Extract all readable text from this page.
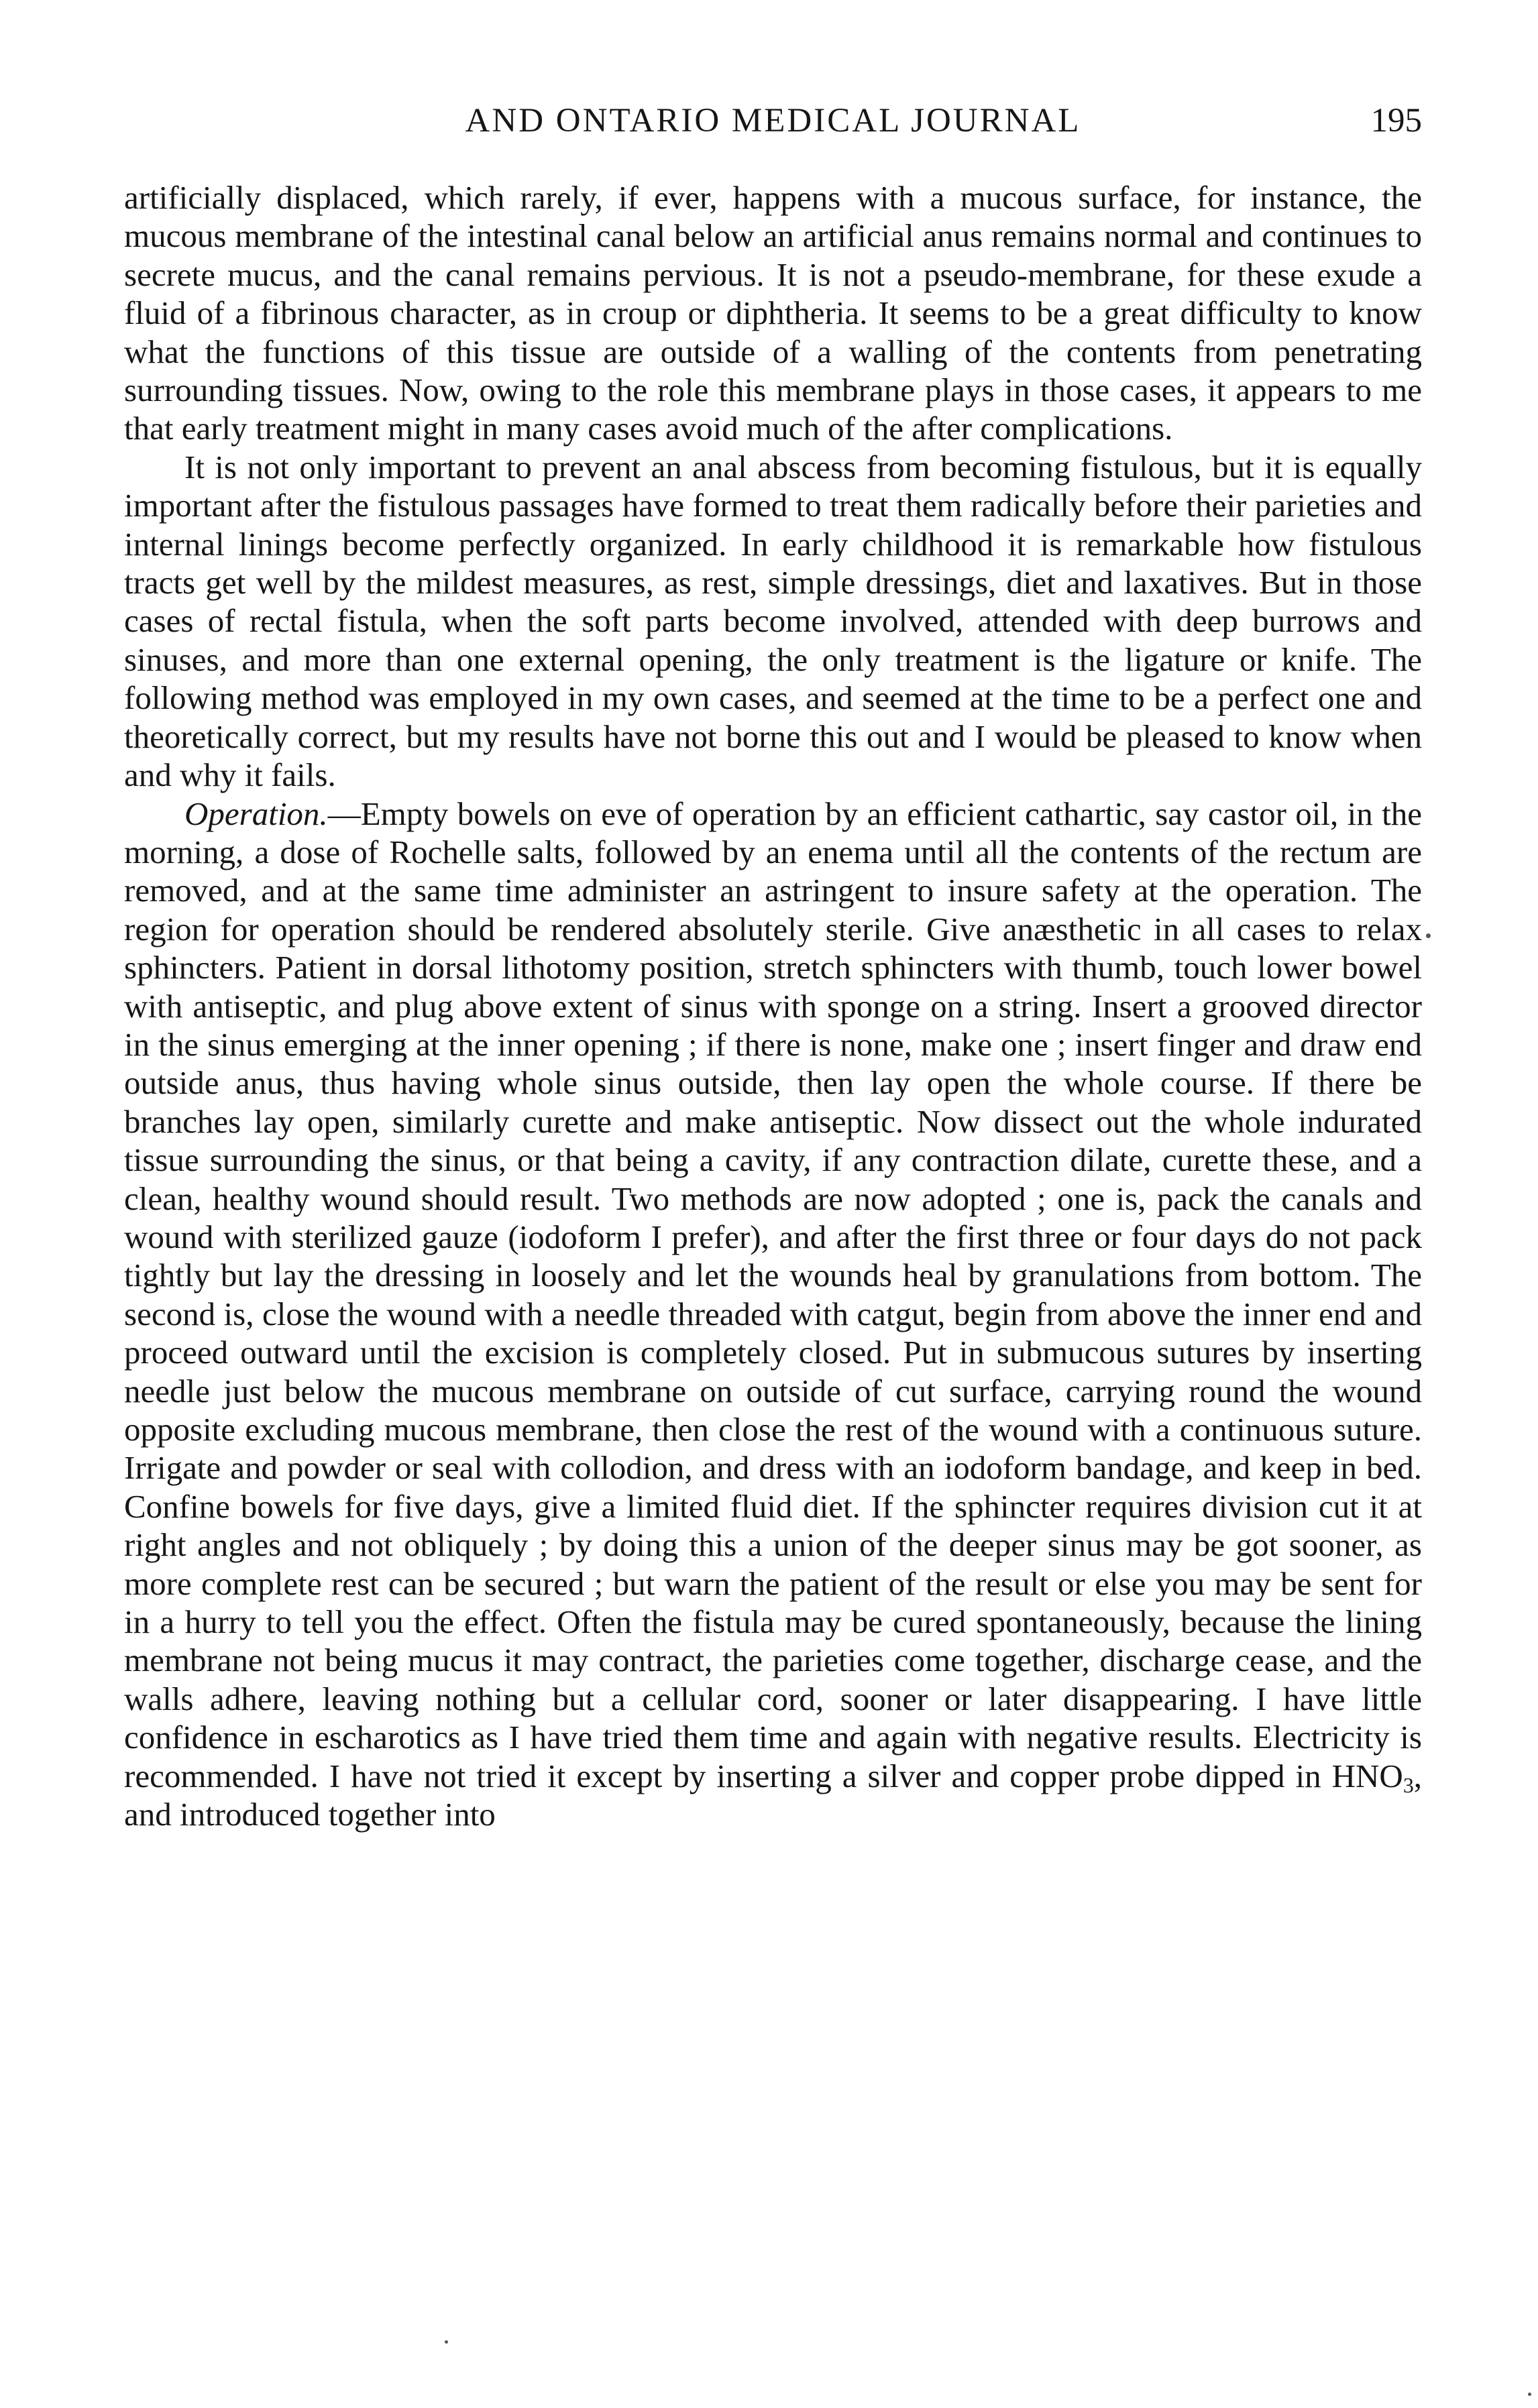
AND ONTARIO MEDICAL JOURNAL	195

artificially displaced, which rarely, if ever, happens with a mucous surface, for instance, the mucous membrane of the intestinal canal below an artificial anus remains normal and continues to secrete mucus, and the canal remains pervious. It is not a pseudo-membrane, for these exude a fluid of a fibrinous character, as in croup or diphtheria. It seems to be a great difficulty to know what the functions of this tissue are outside of a walling of the contents from penetrating surrounding tissues. Now, owing to the role this membrane plays in those cases, it appears to me that early treatment might in many cases avoid much of the after complications.

It is not only important to prevent an anal abscess from becoming fistulous, but it is equally important after the fistulous passages have formed to treat them radically before their parieties and internal linings become perfectly organized. In early childhood it is remarkable how fistulous tracts get well by the mildest measures, as rest, simple dressings, diet and laxatives. But in those cases of rectal fistula, when the soft parts become involved, attended with deep burrows and sinuses, and more than one external opening, the only treatment is the ligature or knife. The following method was employed in my own cases, and seemed at the time to be a perfect one and theoretically correct, but my results have not borne this out and I would be pleased to know when and why it fails.

Operation.—Empty bowels on eve of operation by an efficient cathartic, say castor oil, in the morning, a dose of Rochelle salts, followed by an enema until all the contents of the rectum are removed, and at the same time administer an astringent to insure safety at the operation. The region for operation should be rendered absolutely sterile. Give anæsthetic in all cases to relax sphincters. Patient in dorsal lithotomy position, stretch sphincters with thumb, touch lower bowel with antiseptic, and plug above extent of sinus with sponge on a string. Insert a grooved director in the sinus emerging at the inner opening ; if there is none, make one ; insert finger and draw end outside anus, thus having whole sinus outside, then lay open the whole course. If there be branches lay open, similarly curette and make antiseptic. Now dissect out the whole indurated tissue surrounding the sinus, or that being a cavity, if any contraction dilate, curette these, and a clean, healthy wound should result. Two methods are now adopted ; one is, pack the canals and wound with sterilized gauze (iodoform I prefer), and after the first three or four days do not pack tightly but lay the dressing in loosely and let the wounds heal by granulations from bottom. The second is, close the wound with a needle threaded with catgut, begin from above the inner end and proceed outward until the excision is completely closed. Put in submucous sutures by inserting needle just below the mucous membrane on outside of cut surface, carrying round the wound opposite excluding mucous membrane, then close the rest of the wound with a continuous suture. Irrigate and powder or seal with collodion, and dress with an iodoform bandage, and keep in bed. Confine bowels for five days, give a limited fluid diet. If the sphincter requires division cut it at right angles and not obliquely ; by doing this a union of the deeper sinus may be got sooner, as more complete rest can be secured ; but warn the patient of the result or else you may be sent for in a hurry to tell you the effect. Often the fistula may be cured spontaneously, because the lining membrane not being mucus it may contract, the parieties come together, discharge cease, and the walls adhere, leaving nothing but a cellular cord, sooner or later disappearing. I have little confidence in escharotics as I have tried them time and again with negative results. Electricity is recommended. I have not tried it except by inserting a silver and copper probe dipped in $HNO_3$, and introduced together into
